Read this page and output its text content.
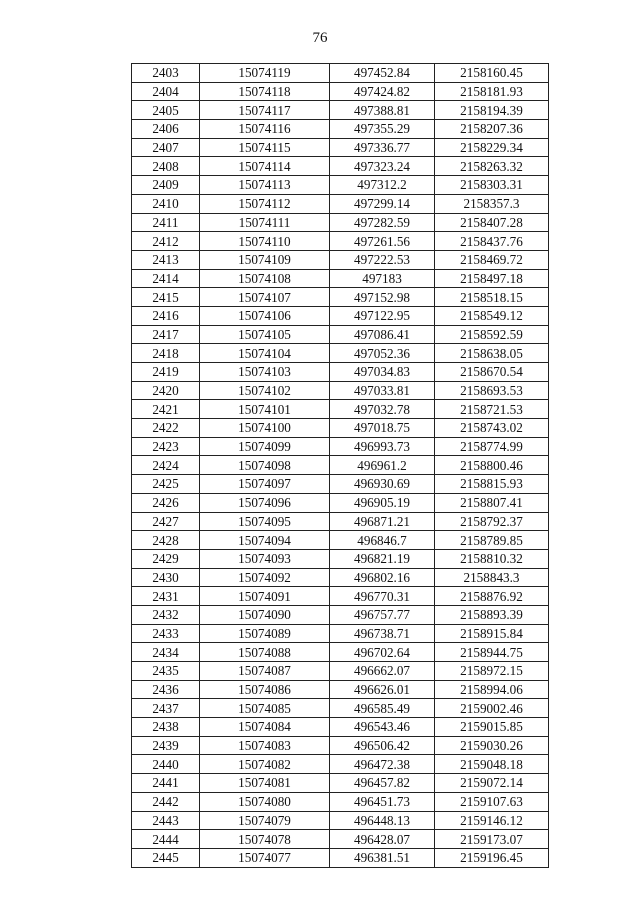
76
2403	15074119	497452.84	2158160.45
2404	15074118	497424.82	2158181.93
2405	15074117	497388.81	2158194.39
2406	15074116	497355.29	2158207.36
2407	15074115	497336.77	2158229.34
2408	15074114	497323.24	2158263.32
2409	15074113	497312.2	2158303.31
2410	15074112	497299.14	2158357.3
2411	15074111	497282.59	2158407.28
2412	15074110	497261.56	2158437.76
2413	15074109	497222.53	2158469.72
2414	15074108	497183	2158497.18
2415	15074107	497152.98	2158518.15
2416	15074106	497122.95	2158549.12
2417	15074105	497086.41	2158592.59
2418	15074104	497052.36	2158638.05
2419	15074103	497034.83	2158670.54
2420	15074102	497033.81	2158693.53
2421	15074101	497032.78	2158721.53
2422	15074100	497018.75	2158743.02
2423	15074099	496993.73	2158774.99
2424	15074098	496961.2	2158800.46
2425	15074097	496930.69	2158815.93
2426	15074096	496905.19	2158807.41
2427	15074095	496871.21	2158792.37
2428	15074094	496846.7	2158789.85
2429	15074093	496821.19	2158810.32
2430	15074092	496802.16	2158843.3
2431	15074091	496770.31	2158876.92
2432	15074090	496757.77	2158893.39
2433	15074089	496738.71	2158915.84
2434	15074088	496702.64	2158944.75
2435	15074087	496662.07	2158972.15
2436	15074086	496626.01	2158994.06
2437	15074085	496585.49	2159002.46
2438	15074084	496543.46	2159015.85
2439	15074083	496506.42	2159030.26
2440	15074082	496472.38	2159048.18
2441	15074081	496457.82	2159072.14
2442	15074080	496451.73	2159107.63
2443	15074079	496448.13	2159146.12
2444	15074078	496428.07	2159173.07
2445	15074077	496381.51	2159196.45
